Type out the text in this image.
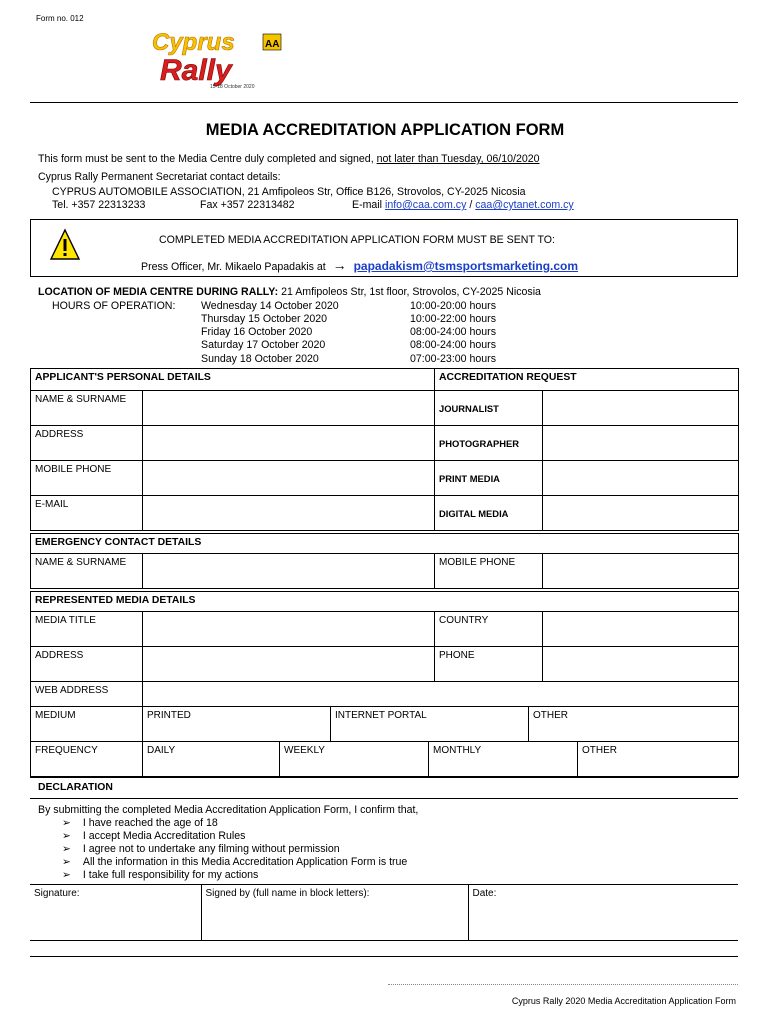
Form no. 012
Cyprus
Rally
AA
15-18 October 2020
MEDIA ACCREDITATION APPLICATION FORM
This form must be sent to the Media Centre duly completed and signed, not later than Tuesday, 06/10/2020
Cyprus Rally Permanent Secretariat contact details:
CYPRUS AUTOMOBILE ASSOCIATION, 21 Amfipoleos Str, Office B126, Strovolos, CY-2025 Nicosia
Tel. +357 22313233	Fax +357 22313482	E-mail info@caa.com.cy / caa@cytanet.com.cy
COMPLETED MEDIA ACCREDITATION APPLICATION FORM MUST BE SENT TO:
Press Officer, Mr. Mikaelo Papadakis at → papadakism@tsmsportsmarketing.com
LOCATION OF MEDIA CENTRE DURING RALLY: 21 Amfipoleos Str, 1st floor, Strovolos, CY-2025 Nicosia
HOURS OF OPERATION: Wednesday 14 October 2020	10:00-20:00 hours
Thursday 15 October 2020	10:00-22:00 hours
Friday 16 October 2020	08:00-24:00 hours
Saturday 17 October 2020	08:00-24:00 hours
Sunday 18 October 2020	07:00-23:00 hours
APPLICANT'S PERSONAL DETAILS		ACCREDITATION REQUEST	
NAME & SURNAME		JOURNALIST	
ADDRESS		PHOTOGRAPHER	
MOBILE PHONE		PRINT MEDIA	
E-MAIL		DIGITAL MEDIA	
EMERGENCY CONTACT DETAILS
NAME & SURNAME		MOBILE PHONE	
REPRESENTED MEDIA DETAILS			
MEDIA TITLE		COUNTRY	
ADDRESS		PHONE	
WEB ADDRESS			
MEDIUM	PRINTED	INTERNET PORTAL	OTHER
FREQUENCY	DAILY	WEEKLY	MONTHLY	OTHER
DECLARATION
By submitting the completed Media Accreditation Application Form, I confirm that,
➢ I have reached the age of 18
➢ I accept Media Accreditation Rules
➢ I agree not to undertake any filming without permission
➢ All the information in this Media Accreditation Application Form is true
➢ I take full responsibility for my actions
Signature:	Signed by (full name in block letters):	Date:
Cyprus Rally 2020 Media Accreditation Application Form
